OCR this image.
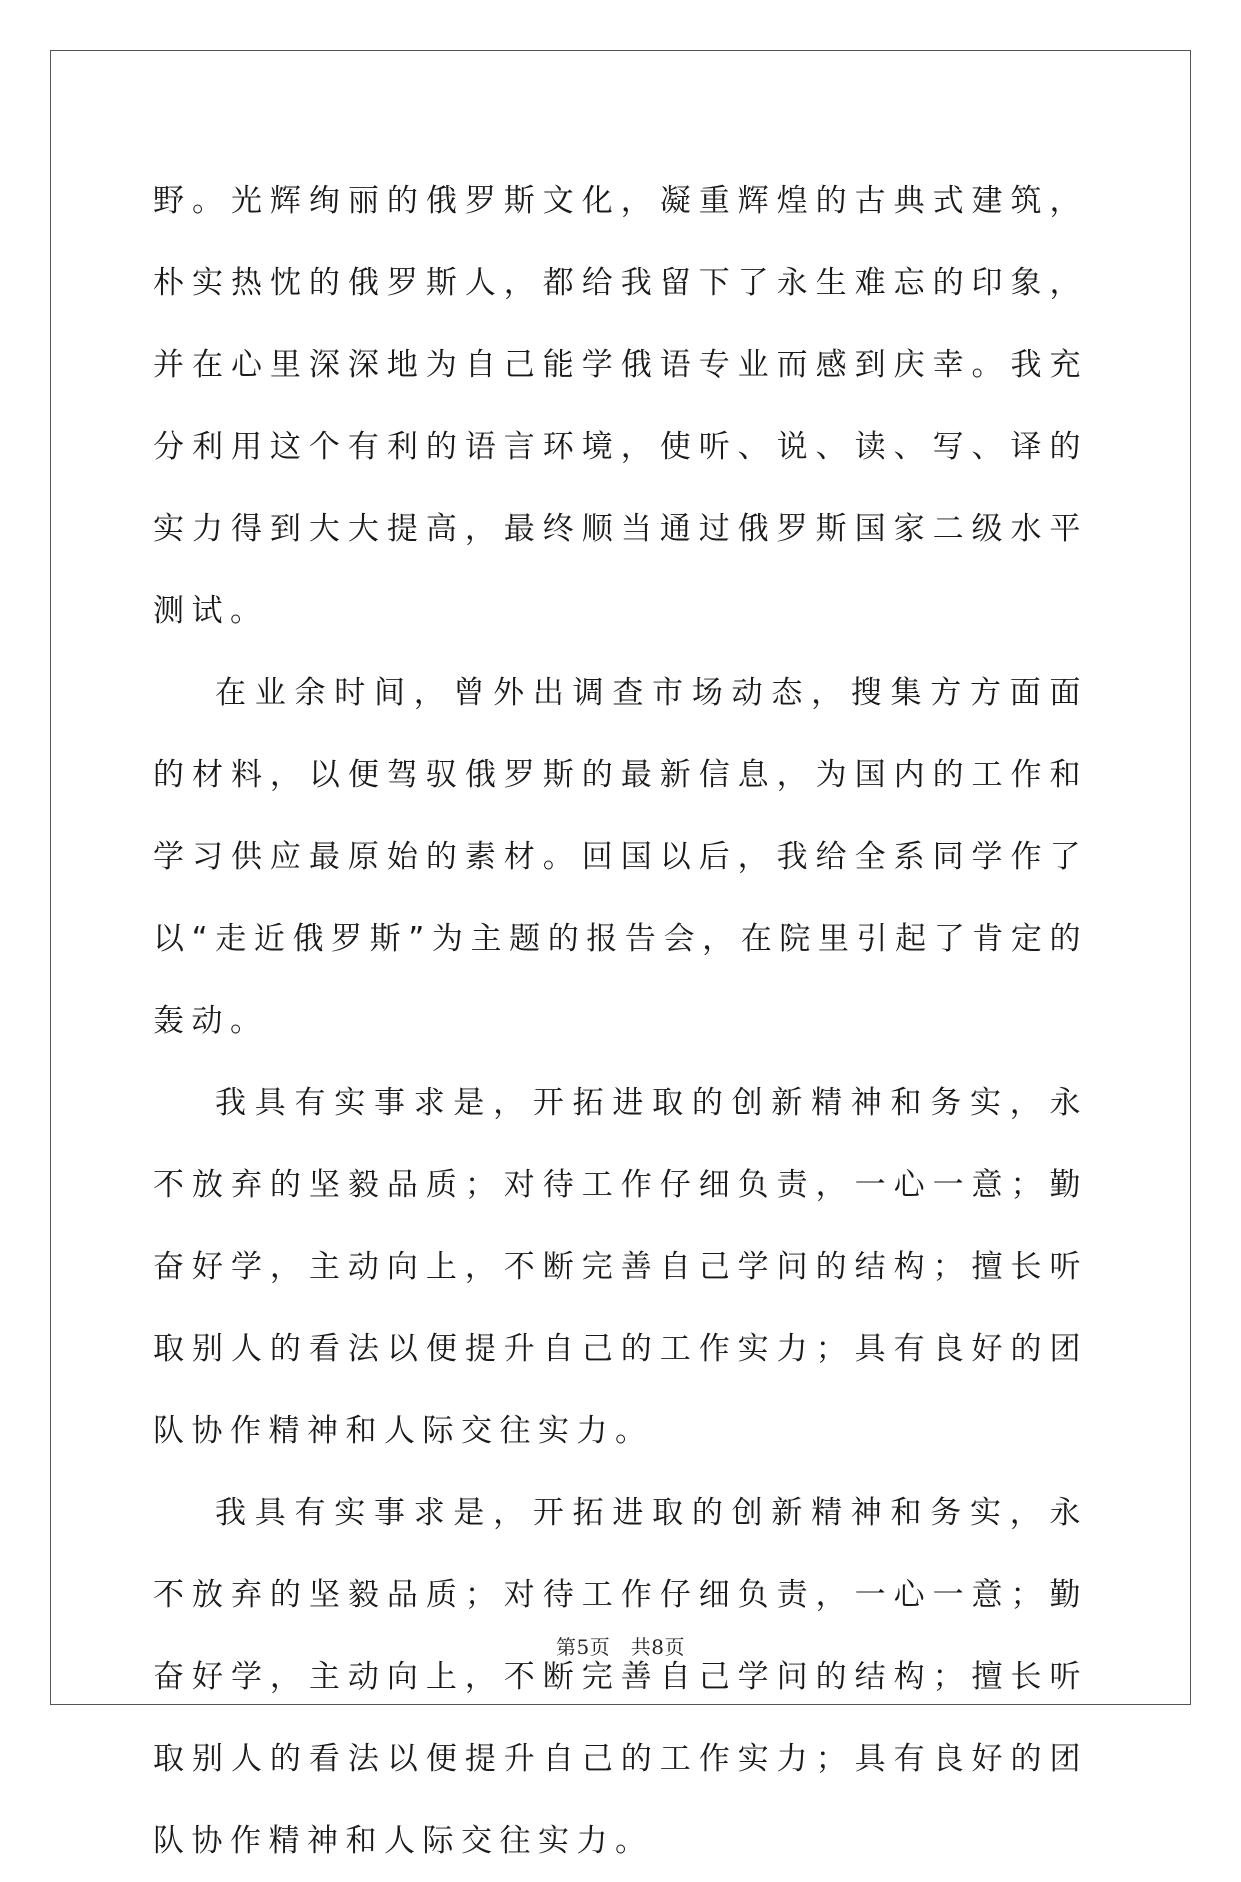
野。光辉绚丽的俄罗斯文化，凝重辉煌的古典式建筑，朴实热忱的俄罗斯人，都给我留下了永生难忘的印象，并在心里深深地为自己能学俄语专业而感到庆幸。我充分利用这个有利的语言环境，使听、说、读、写、译的实力得到大大提高，最终顺当通过俄罗斯国家二级水平测试。

在业余时间，曾外出调查市场动态，搜集方方面面的材料，以便驾驭俄罗斯的最新信息，为国内的工作和学习供应最原始的素材。回国以后，我给全系同学作了以“走近俄罗斯”为主题的报告会，在院里引起了肯定的轰动。

我具有实事求是，开拓进取的创新精神和务实，永不放弃的坚毅品质；对待工作仔细负责，一心一意；勤奋好学，主动向上，不断完善自己学问的结构；擅长听取别人的看法以便提升自己的工作实力；具有良好的团队协作精神和人际交往实力。

我具有实事求是，开拓进取的创新精神和务实，永不放弃的坚毅品质；对待工作仔细负责，一心一意；勤奋好学，主动向上，不断完善自己学问的结构；擅长听取别人的看法以便提升自己的工作实力；具有良好的团队协作精神和人际交往实力。

第5页　共8页
